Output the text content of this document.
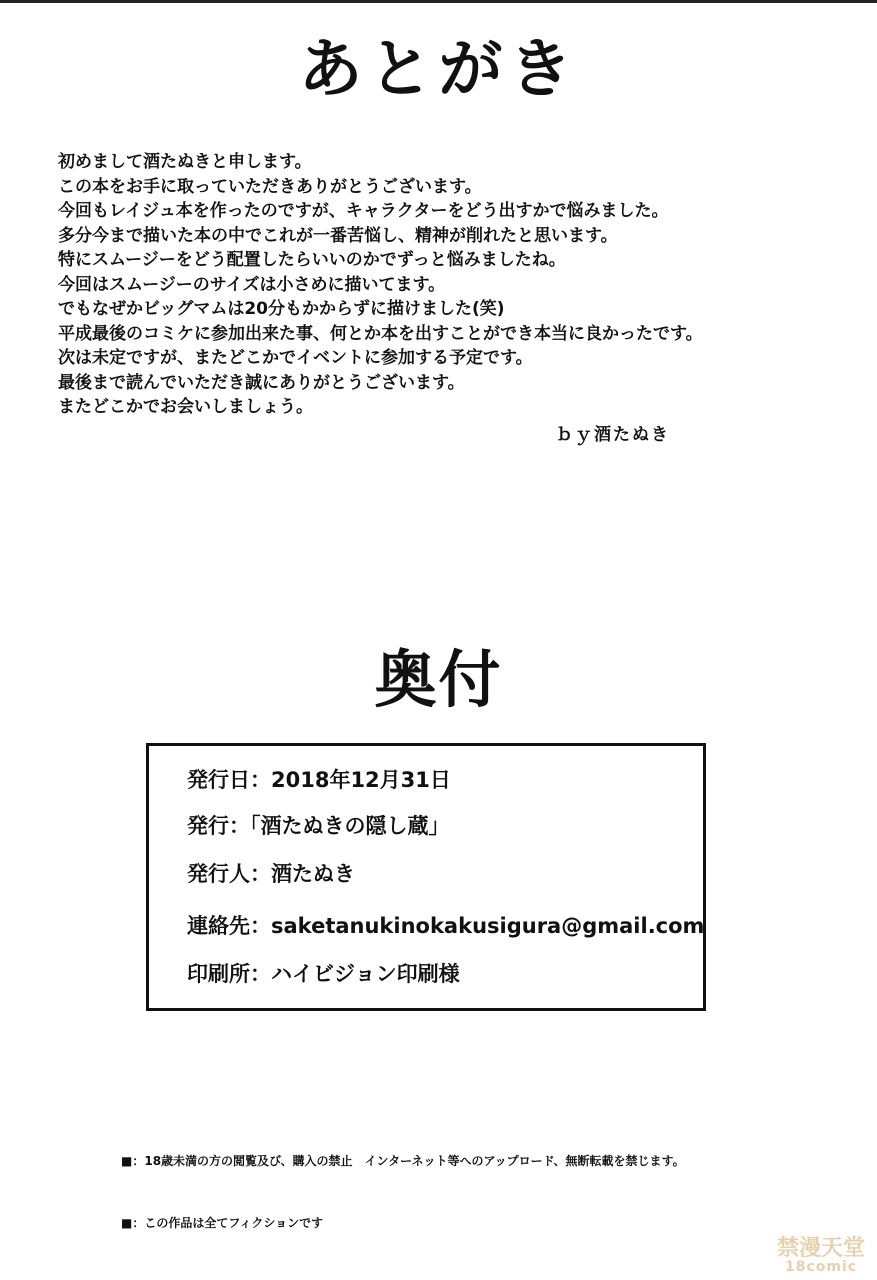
あとがき
初めまして酒たぬきと申します。
この本をお手に取っていただきありがとうございます。
今回もレイジュ本を作ったのですが、キャラクターをどう出すかで悩みました。
多分今まで描いた本の中でこれが一番苦悩し、精神が削れたと思います。
特にスムージーをどう配置したらいいのかでずっと悩みましたね。
今回はスムージーのサイズは小さめに描いてます。
でもなぜかビッグマムは20分もかからずに描けました(笑)
平成最後のコミケに参加出来た事、何とか本を出すことができ本当に良かったです。
次は未定ですが、またどこかでイベントに参加する予定です。
最後まで読んでいただき誠にありがとうございます。
またどこかでお会いしましょう。
ｂｙ酒たぬき
奥付
発行日：2018年12月31日
発行：「酒たぬきの隠し蔵」
発行人：酒たぬき
連絡先：saketanukinokakusigura@gmail.com
印刷所：ハイビジョン印刷様
■：18歳未満の方の閲覧及び、購入の禁止　インターネット等へのアップロード、無断転載を禁じます。
■：この作品は全てフィクションです
禁漫天堂
18comic
